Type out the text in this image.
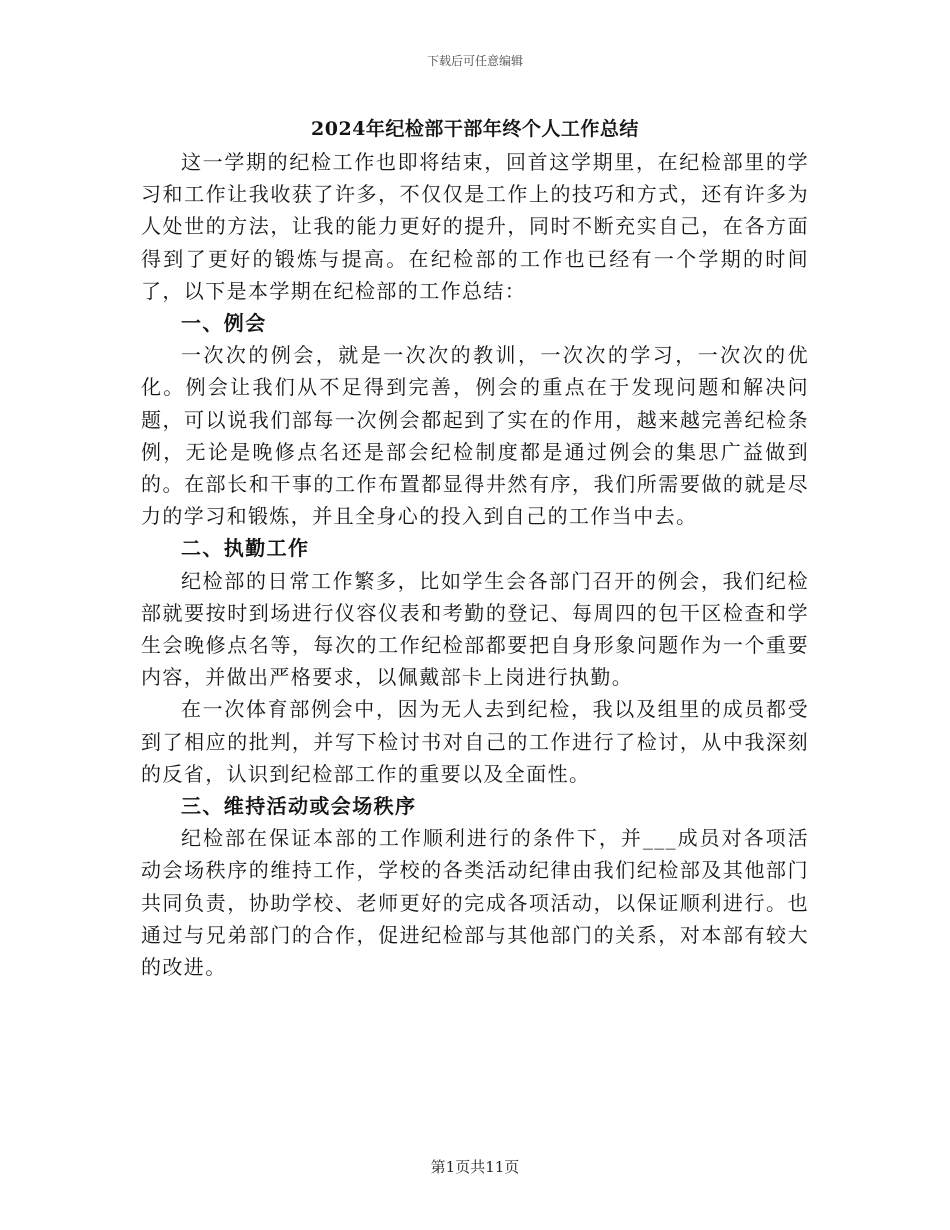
下载后可任意编辑
2024年纪检部干部年终个人工作总结

这一学期的纪检工作也即将结束，回首这学期里，在纪检部里的学习和工作让我收获了许多，不仅仅是工作上的技巧和方式，还有许多为人处世的方法，让我的能力更好的提升，同时不断充实自己，在各方面得到了更好的锻炼与提高。在纪检部的工作也已经有一个学期的时间了，以下是本学期在纪检部的工作总结：

一、例会

一次次的例会，就是一次次的教训，一次次的学习，一次次的优化。例会让我们从不足得到完善，例会的重点在于发现问题和解决问题，可以说我们部每一次例会都起到了实在的作用，越来越完善纪检条例，无论是晚修点名还是部会纪检制度都是通过例会的集思广益做到的。在部长和干事的工作布置都显得井然有序，我们所需要做的就是尽力的学习和锻炼，并且全身心的投入到自己的工作当中去。

二、执勤工作

纪检部的日常工作繁多，比如学生会各部门召开的例会，我们纪检部就要按时到场进行仪容仪表和考勤的登记、每周四的包干区检查和学生会晚修点名等，每次的工作纪检部都要把自身形象问题作为一个重要内容，并做出严格要求，以佩戴部卡上岗进行执勤。

在一次体育部例会中，因为无人去到纪检，我以及组里的成员都受到了相应的批判，并写下检讨书对自己的工作进行了检讨，从中我深刻的反省，认识到纪检部工作的重要以及全面性。

三、维持活动或会场秩序

纪检部在保证本部的工作顺利进行的条件下，并___成员对各项活动会场秩序的维持工作，学校的各类活动纪律由我们纪检部及其他部门共同负责，协助学校、老师更好的完成各项活动，以保证顺利进行。也通过与兄弟部门的合作，促进纪检部与其他部门的关系，对本部有较大的改进。

第1页共11页
